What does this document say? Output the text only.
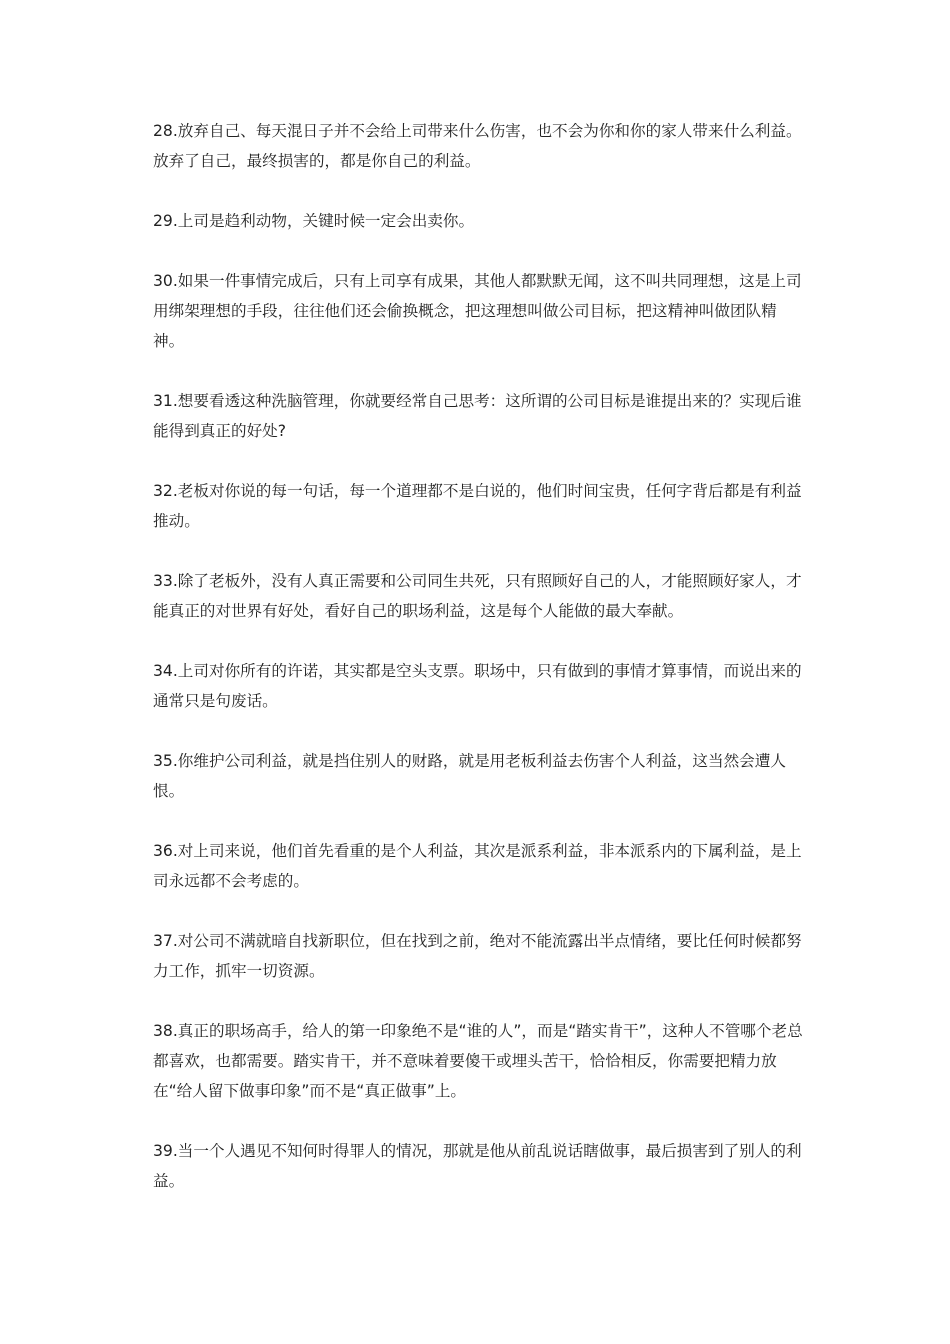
28.放弃自己、每天混日子并不会给上司带来什么伤害，也不会为你和你的家人带来什么利益。放弃了自己，最终损害的，都是你自己的利益。

29.上司是趋利动物，关键时候一定会出卖你。

30.如果一件事情完成后，只有上司享有成果，其他人都默默无闻，这不叫共同理想，这是上司用绑架理想的手段，往往他们还会偷换概念，把这理想叫做公司目标，把这精神叫做团队精神。

31.想要看透这种洗脑管理，你就要经常自己思考：这所谓的公司目标是谁提出来的？实现后谁能得到真正的好处?

32.老板对你说的每一句话，每一个道理都不是白说的，他们时间宝贵，任何字背后都是有利益推动。

33.除了老板外，没有人真正需要和公司同生共死，只有照顾好自己的人，才能照顾好家人，才能真正的对世界有好处，看好自己的职场利益，这是每个人能做的最大奉献。

34.上司对你所有的许诺，其实都是空头支票。职场中，只有做到的事情才算事情，而说出来的通常只是句废话。

35.你维护公司利益，就是挡住别人的财路，就是用老板利益去伤害个人利益，这当然会遭人恨。

36.对上司来说，他们首先看重的是个人利益，其次是派系利益，非本派系内的下属利益，是上司永远都不会考虑的。

37.对公司不满就暗自找新职位，但在找到之前，绝对不能流露出半点情绪，要比任何时候都努力工作，抓牢一切资源。

38.真正的职场高手，给人的第一印象绝不是“谁的人”，而是“踏实肯干”，这种人不管哪个老总都喜欢，也都需要。踏实肯干，并不意味着要傻干或埋头苦干，恰恰相反，你需要把精力放在“给人留下做事印象”而不是“真正做事”上。

39.当一个人遇见不知何时得罪人的情况，那就是他从前乱说话瞎做事，最后损害到了别人的利益。
